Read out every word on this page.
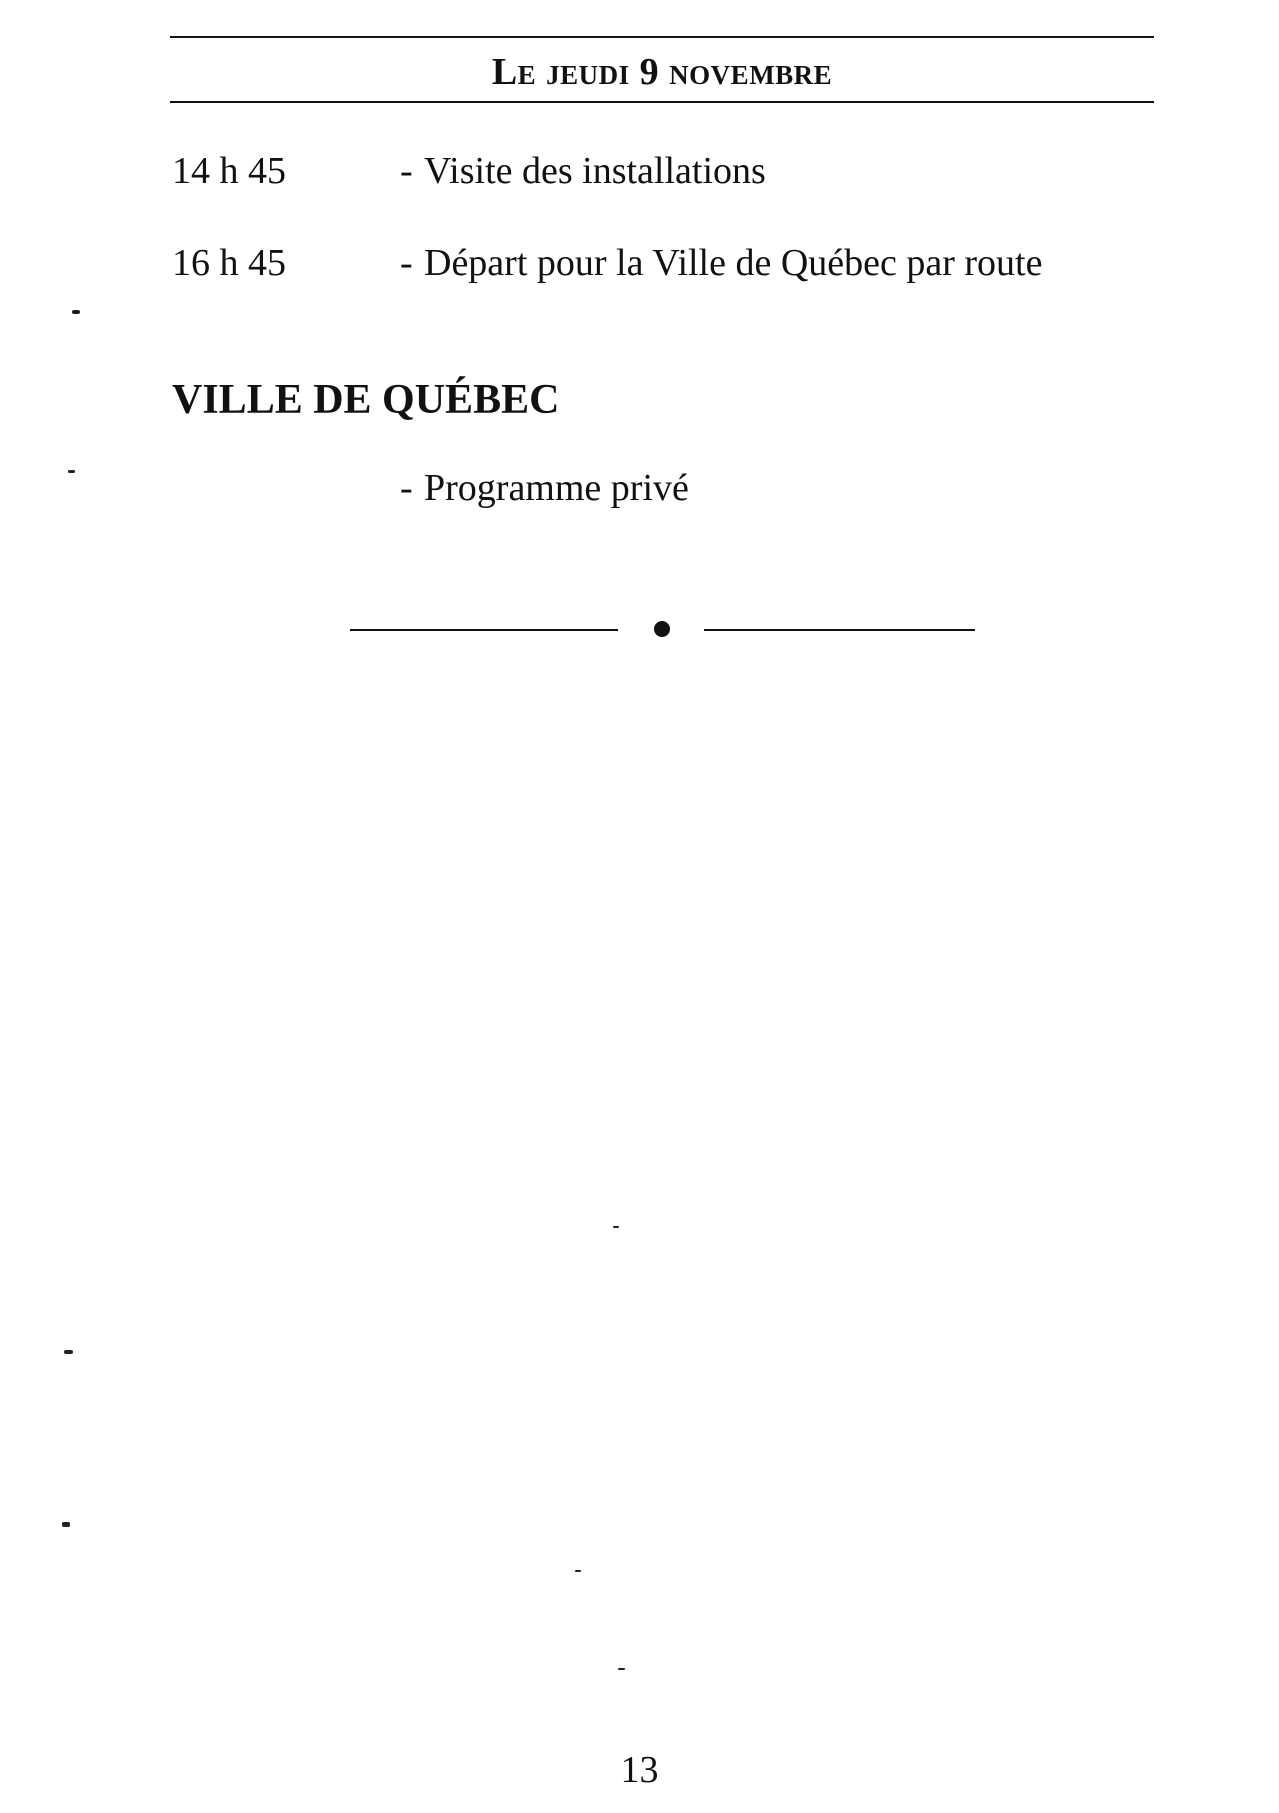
Le jeudi 9 novembre
14 h 45	- Visite des installations
16 h 45	- Départ pour la Ville de Québec par route
VILLE DE QUÉBEC
- Programme privé
13
